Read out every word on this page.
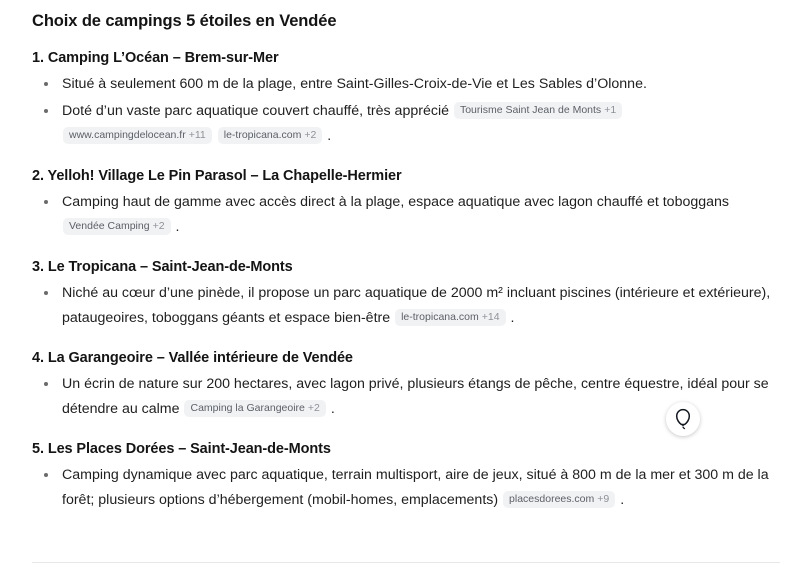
Choix de campings 5 étoiles en Vendée
1. Camping L’Océan – Brem-sur-Mer
Situé à seulement 600 m de la plage, entre Saint-Gilles-Croix-de-Vie et Les Sables d’Olonne.
Doté d’un vaste parc aquatique couvert chauffé, très apprécié Tourisme Saint Jean de Monts +1
www.campingdelocean.fr +11 le-tropicana.com +2 .
2. Yelloh! Village Le Pin Parasol – La Chapelle-Hermier
Camping haut de gamme avec accès direct à la plage, espace aquatique avec lagon chauffé et toboggans Vendée Camping +2 .
3. Le Tropicana – Saint-Jean-de-Monts
Niché au cœur d’une pinède, il propose un parc aquatique de 2000 m² incluant piscines (intérieure et extérieure), pataugeoires, toboggans géants et espace bien-être le-tropicana.com +14 .
4. La Garangeoire – Vallée intérieure de Vendée
Un écrin de nature sur 200 hectares, avec lagon privé, plusieurs étangs de pêche, centre équestre, idéal pour se détendre au calme Camping la Garangeoire +2 .
5. Les Places Dorées – Saint-Jean-de-Monts
Camping dynamique avec parc aquatique, terrain multisport, aire de jeux, situé à 800 m de la mer et 300 m de la forêt; plusieurs options d’hébergement (mobil-homes, emplacements) placesdorees.com +9 .
